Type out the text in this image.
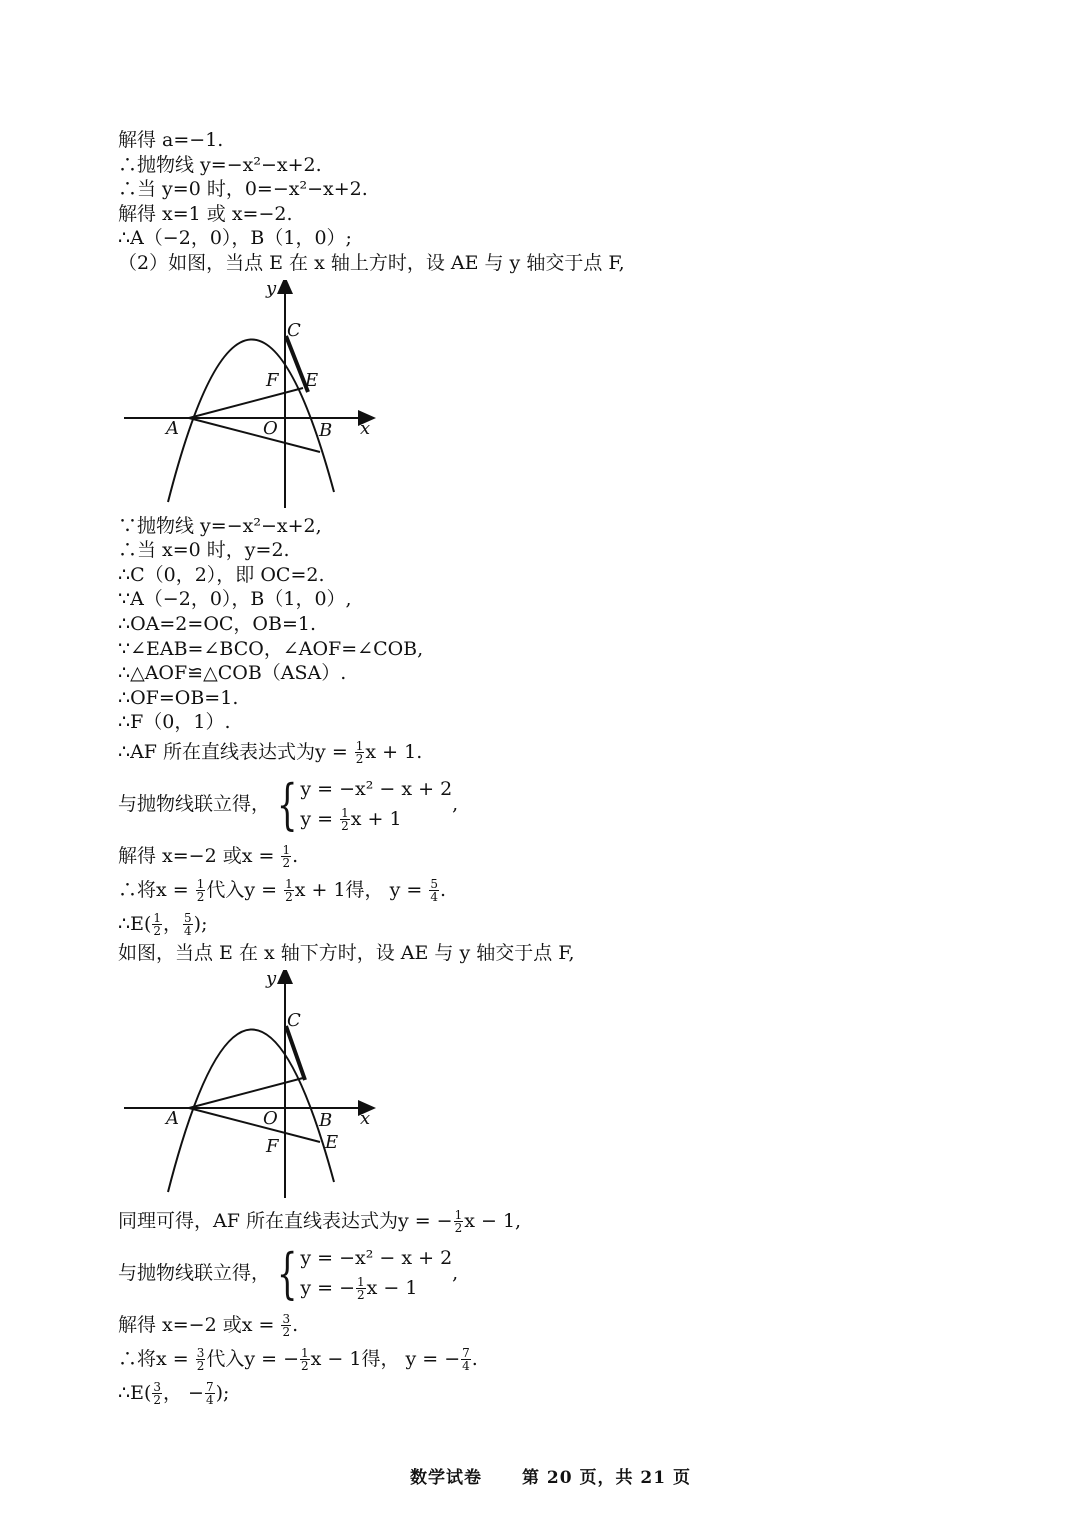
解得 a=−1.
∴抛物线 y=−x²−x+2.
∴当 y=0 时，0=−x²−x+2.
解得 x=1 或 x=−2.
∴A（−2，0），B（1，0）;
（2）如图，当点 E 在 x 轴上方时，设 AE 与 y 轴交于点 F,
y
x
A	O B
C
F E
∵抛物线 y=−x²−x+2,
∴当 x=0 时，y=2.
∴C（0，2），即 OC=2.
∵A（−2，0），B（1，0）,
∴OA=2=OC，OB=1.
∵∠EAB=∠BCO，∠AOF=∠COB,
∴△AOF≌△COB（ASA）.
∴OF=OB=1.
∴F（0，1）.
∴AF 所在直线表达式为$y = \frac{1}{2}$ x + 1.
与抛物线联立得， { y = −x² − x + 2
$y = \frac{1}{2}$ x + 1
,
解得 x=−2 或$x = \frac{1}{2}$ .
∴将$x = \frac{1}{2}$ 代入$y = \frac{1}{2}$ x + 1得， $y = \frac{5}{4}$ .
∴E( $\frac{1}{2}$ ， $\frac{5}{4}$ );
如图，当点 E 在 x 轴下方时，设 AE 与 y 轴交于点 F,
y
x
A	O B
C
F	E
同理可得，AF 所在直线表达式为y = − $\frac{1}{2}$ x − 1,
与抛物线联立得， { y = −x² − x + 2
y = − $\frac{1}{2}$ x − 1
,
解得 x=−2 或$x = \frac{3}{2}$ .
∴将$x = \frac{3}{2}$ 代入y = − $\frac{1}{2}$ x − 1得， y = − $\frac{7}{4}$ .
∴E( $\frac{3}{2}$ ， − $\frac{7}{4}$ );
数学试卷 第 20 页，共 21 页
